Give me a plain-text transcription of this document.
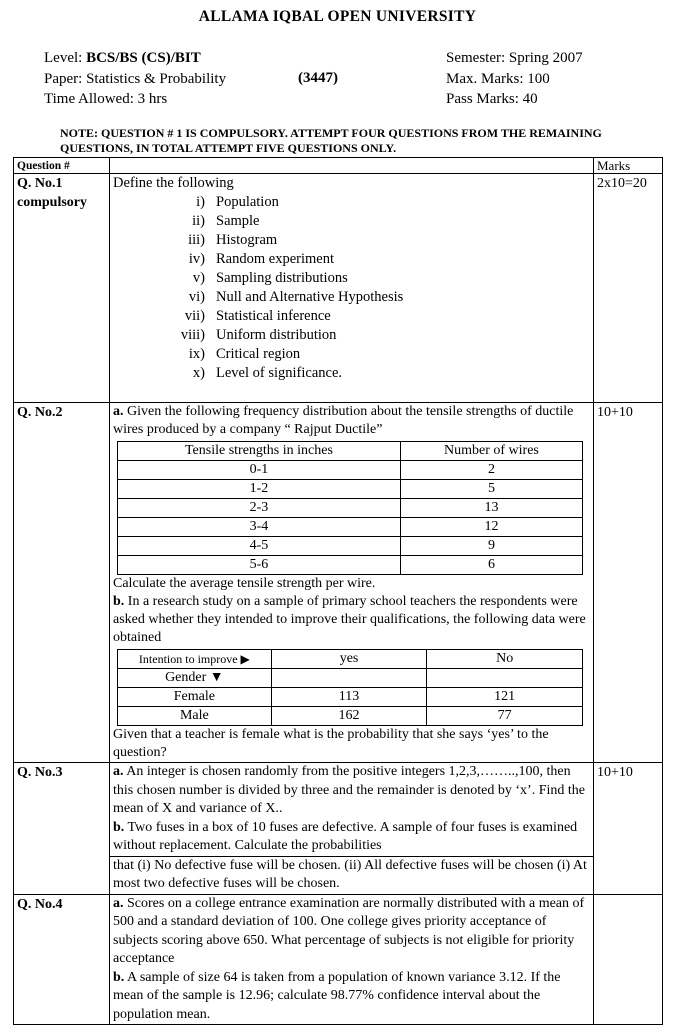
ALLAMA IQBAL OPEN UNIVERSITY
Level: BCS/BS (CS)/BIT
Paper: Statistics & Probability
Time Allowed: 3 hrs
(3447)
Semester: Spring 2007
Max. Marks: 100
Pass Marks: 40
NOTE: QUESTION # 1 IS COMPULSORY. ATTEMPT FOUR QUESTIONS FROM THE REMAINING QUESTIONS, IN TOTAL ATTEMPT FIVE QUESTIONS ONLY.
Question #		Marks

Q. No.1
compulsory

Define the following
i) Population
ii) Sample
iii) Histogram
iv) Random experiment
v) Sampling distributions
vi) Null and Alternative Hypothesis
vii) Statistical inference
viii) Uniform distribution
ix) Critical region
x) Level of significance.
	2x10=20
Q. No.2	a. Given the following frequency distribution about the tensile strengths of ductile wires produced by a company “ Rajput Ductile”

Tensile strengths in inches	Number of wires
0-1	2
1-2	5
2-3	13
3-4	12
4-5	9
5-6	6

Calculate the average tensile strength per wire.

b. In a research study on a sample of primary school teachers the respondents were asked whether they intended to improve their qualifications, the following data were obtained

Intention to improve ▶	yes	No
Gender ▼		
Female	113	121
Male	162	77

Given that a teacher is female what is the probability that she says ‘yes’ to the question?

	10+10
Q. No.3	a. An integer is chosen randomly from the positive integers 1,2,3,……..,100, then this chosen number is divided by three and the remainder is denoted by ‘x’. Find the mean of X and variance of X..

b. Two fuses in a box of 10 fuses are defective. A sample of four fuses is examined without replacement. Calculate the probabilities

that (i) No defective fuse will be chosen. (ii) All defective fuses will be chosen (i) At most two defective fuses will be chosen.

	10+10
Q. No.4	a. Scores on a college entrance examination are normally distributed with a mean of 500 and a standard deviation of 100. One college gives priority acceptance of subjects scoring above 650. What percentage of subjects is not eligible for priority acceptance

b. A sample of size 64 is taken from a population of known variance 3.12. If the mean of the sample is 12.96; calculate 98.77% confidence interval about the population mean.
